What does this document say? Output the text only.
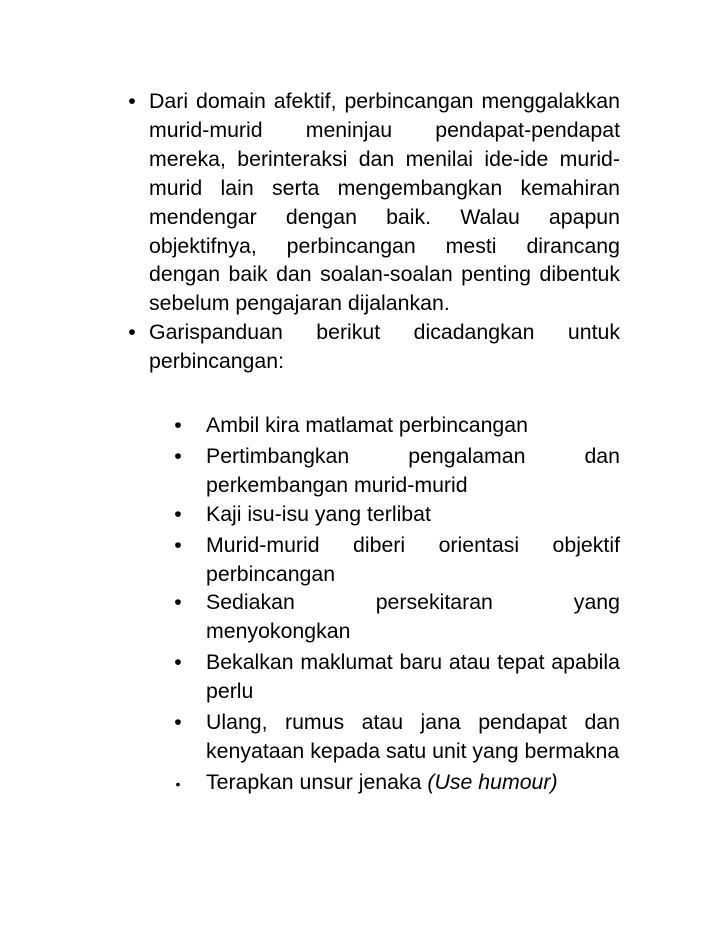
• Dari domain afektif, perbincangan menggalakkan murid-murid meninjau pendapat-pendapat mereka, berinteraksi dan menilai ide-ide murid-murid lain serta mengembangkan kemahiran mendengar dengan baik. Walau apapun objektifnya, perbincangan mesti dirancang dengan baik dan soalan-soalan penting dibentuk sebelum pengajaran dijalankan.
• Garispanduan berikut dicadangkan untuk perbincangan:
• Ambil kira matlamat perbincangan
• Pertimbangkan pengalaman dan perkembangan murid-murid
• Kaji isu-isu yang terlibat
• Murid-murid diberi orientasi objektif perbincangan
• Sediakan persekitaran yang menyokongkan
• Bekalkan maklumat baru atau tepat apabila perlu
• Ulang, rumus atau jana pendapat dan kenyataan kepada satu unit yang bermakna
•	Terapkan unsur jenaka (Use humour)
